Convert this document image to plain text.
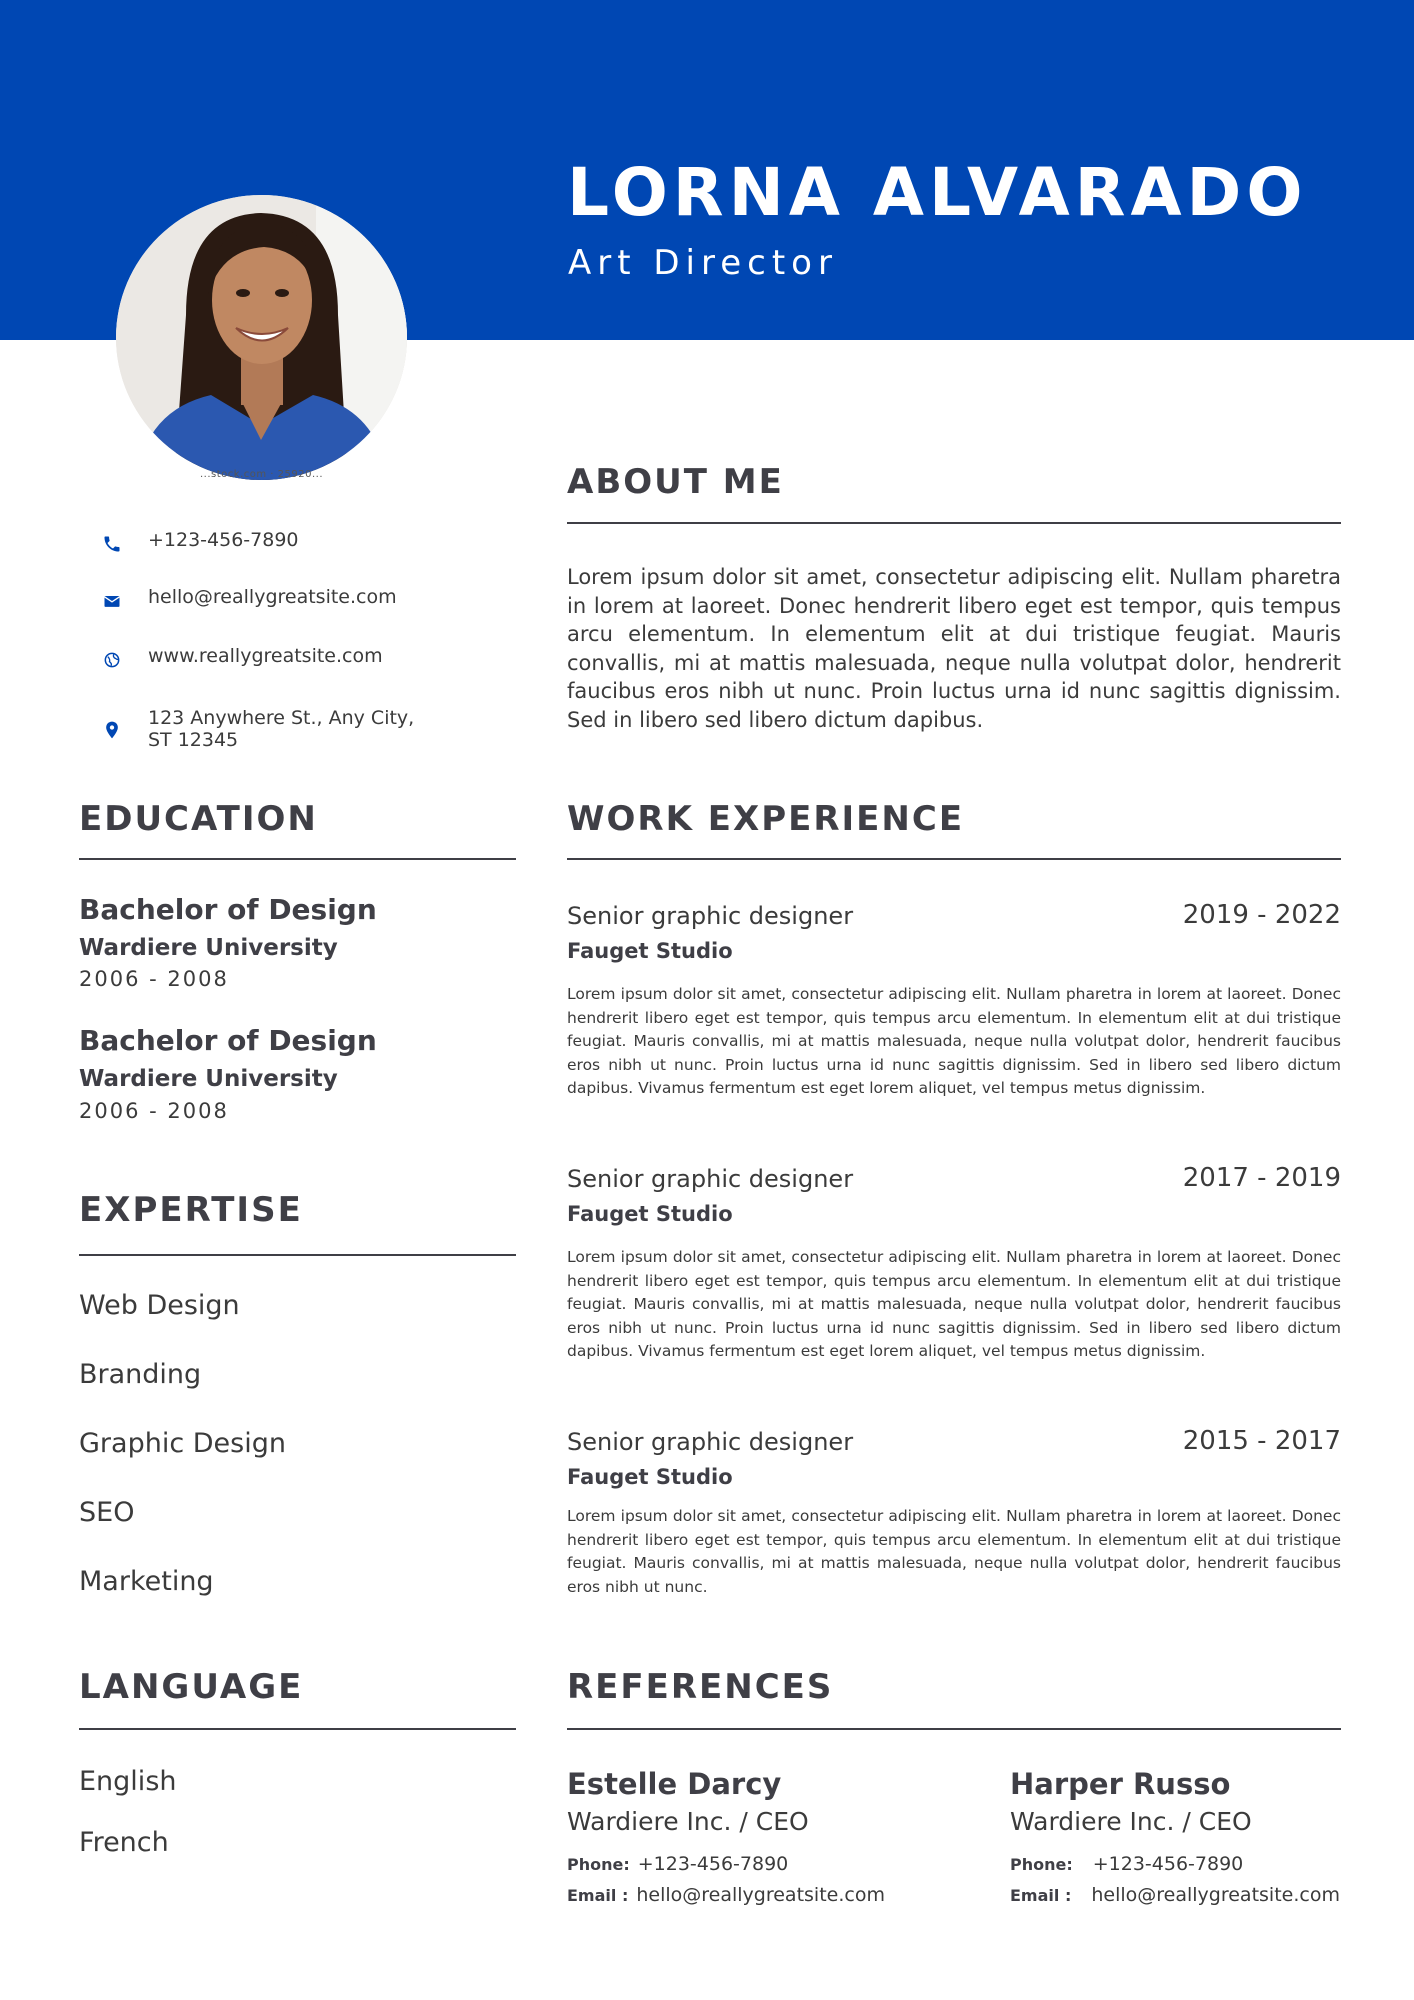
LORNA ALVARADO
Art Director
...stock.com · 25920...
+123-456-7890
hello@reallygreatsite.com
www.reallygreatsite.com
123 Anywhere St., Any City,
ST 12345
ABOUT ME
Lorem ipsum dolor sit amet, consectetur adipiscing elit. Nullam pharetra in lorem at laoreet. Donec hendrerit libero eget est tempor, quis tempus arcu elementum. In elementum elit at dui tristique feugiat. Mauris convallis, mi at mattis malesuada, neque nulla volutpat dolor, hendrerit faucibus eros nibh ut nunc. Proin luctus urna id nunc sagittis dignissim. Sed in libero sed libero dictum dapibus.
EDUCATION
Bachelor of Design
Wardiere University
2006 - 2008
Bachelor of Design
Wardiere University
2006 - 2008
EXPERTISE
Web Design
Branding
Graphic Design
SEO
Marketing
LANGUAGE
English
French
WORK EXPERIENCE
Senior graphic designer	2019 - 2022
Fauget Studio
Lorem ipsum dolor sit amet, consectetur adipiscing elit. Nullam pharetra in lorem at laoreet. Donec hendrerit libero eget est tempor, quis tempus arcu elementum. In elementum elit at dui tristique feugiat. Mauris convallis, mi at mattis malesuada, neque nulla volutpat dolor, hendrerit faucibus eros nibh ut nunc. Proin luctus urna id nunc sagittis dignissim. Sed in libero sed libero dictum dapibus. Vivamus fermentum est eget lorem aliquet, vel tempus metus dignissim.
Senior graphic designer	2017 - 2019
Fauget Studio
Lorem ipsum dolor sit amet, consectetur adipiscing elit. Nullam pharetra in lorem at laoreet. Donec hendrerit libero eget est tempor, quis tempus arcu elementum. In elementum elit at dui tristique feugiat. Mauris convallis, mi at mattis malesuada, neque nulla volutpat dolor, hendrerit faucibus eros nibh ut nunc. Proin luctus urna id nunc sagittis dignissim. Sed in libero sed libero dictum dapibus. Vivamus fermentum est eget lorem aliquet, vel tempus metus dignissim.
Senior graphic designer	2015 - 2017
Fauget Studio
Lorem ipsum dolor sit amet, consectetur adipiscing elit. Nullam pharetra in lorem at laoreet. Donec hendrerit libero eget est tempor, quis tempus arcu elementum. In elementum elit at dui tristique feugiat. Mauris convallis, mi at mattis malesuada, neque nulla volutpat dolor, hendrerit faucibus eros nibh ut nunc.
REFERENCES
Estelle Darcy
Wardiere Inc. / CEO
Phone: +123-456-7890
Email : hello@reallygreatsite.com
Harper Russo
Wardiere Inc. / CEO
Phone: +123-456-7890
Email : hello@reallygreatsite.com
